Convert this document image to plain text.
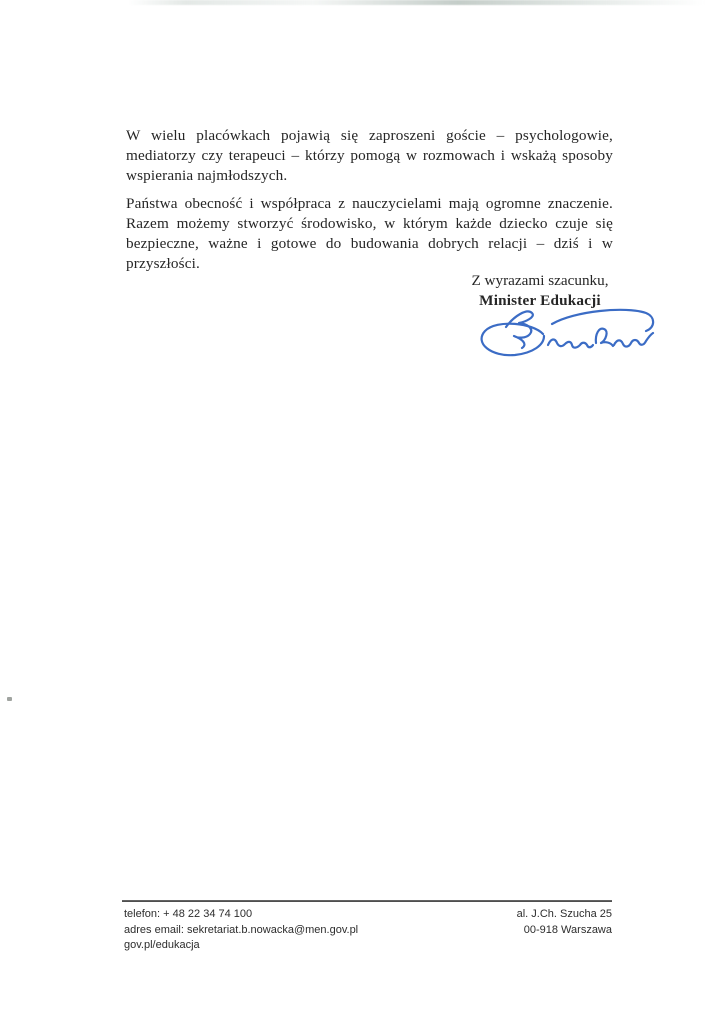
W wielu placówkach pojawią się zaproszeni goście – psychologowie, mediatorzy czy terapeuci – którzy pomogą w rozmowach i wskażą sposoby wspierania najmłodszych.

Państwa obecność i współpraca z nauczycielami mają ogromne znaczenie. Razem możemy stworzyć środowisko, w którym każde dziecko czuje się bezpieczne, ważne i gotowe do budowania dobrych relacji – dziś i w przyszłości.

Z wyrazami szacunku,
Minister Edukacji
telefon: + 48 22 34 74 100
adres email: sekretariat.b.nowacka@men.gov.pl
gov.pl/edukacja
al. J.Ch. Szucha 25
00-918 Warszawa
